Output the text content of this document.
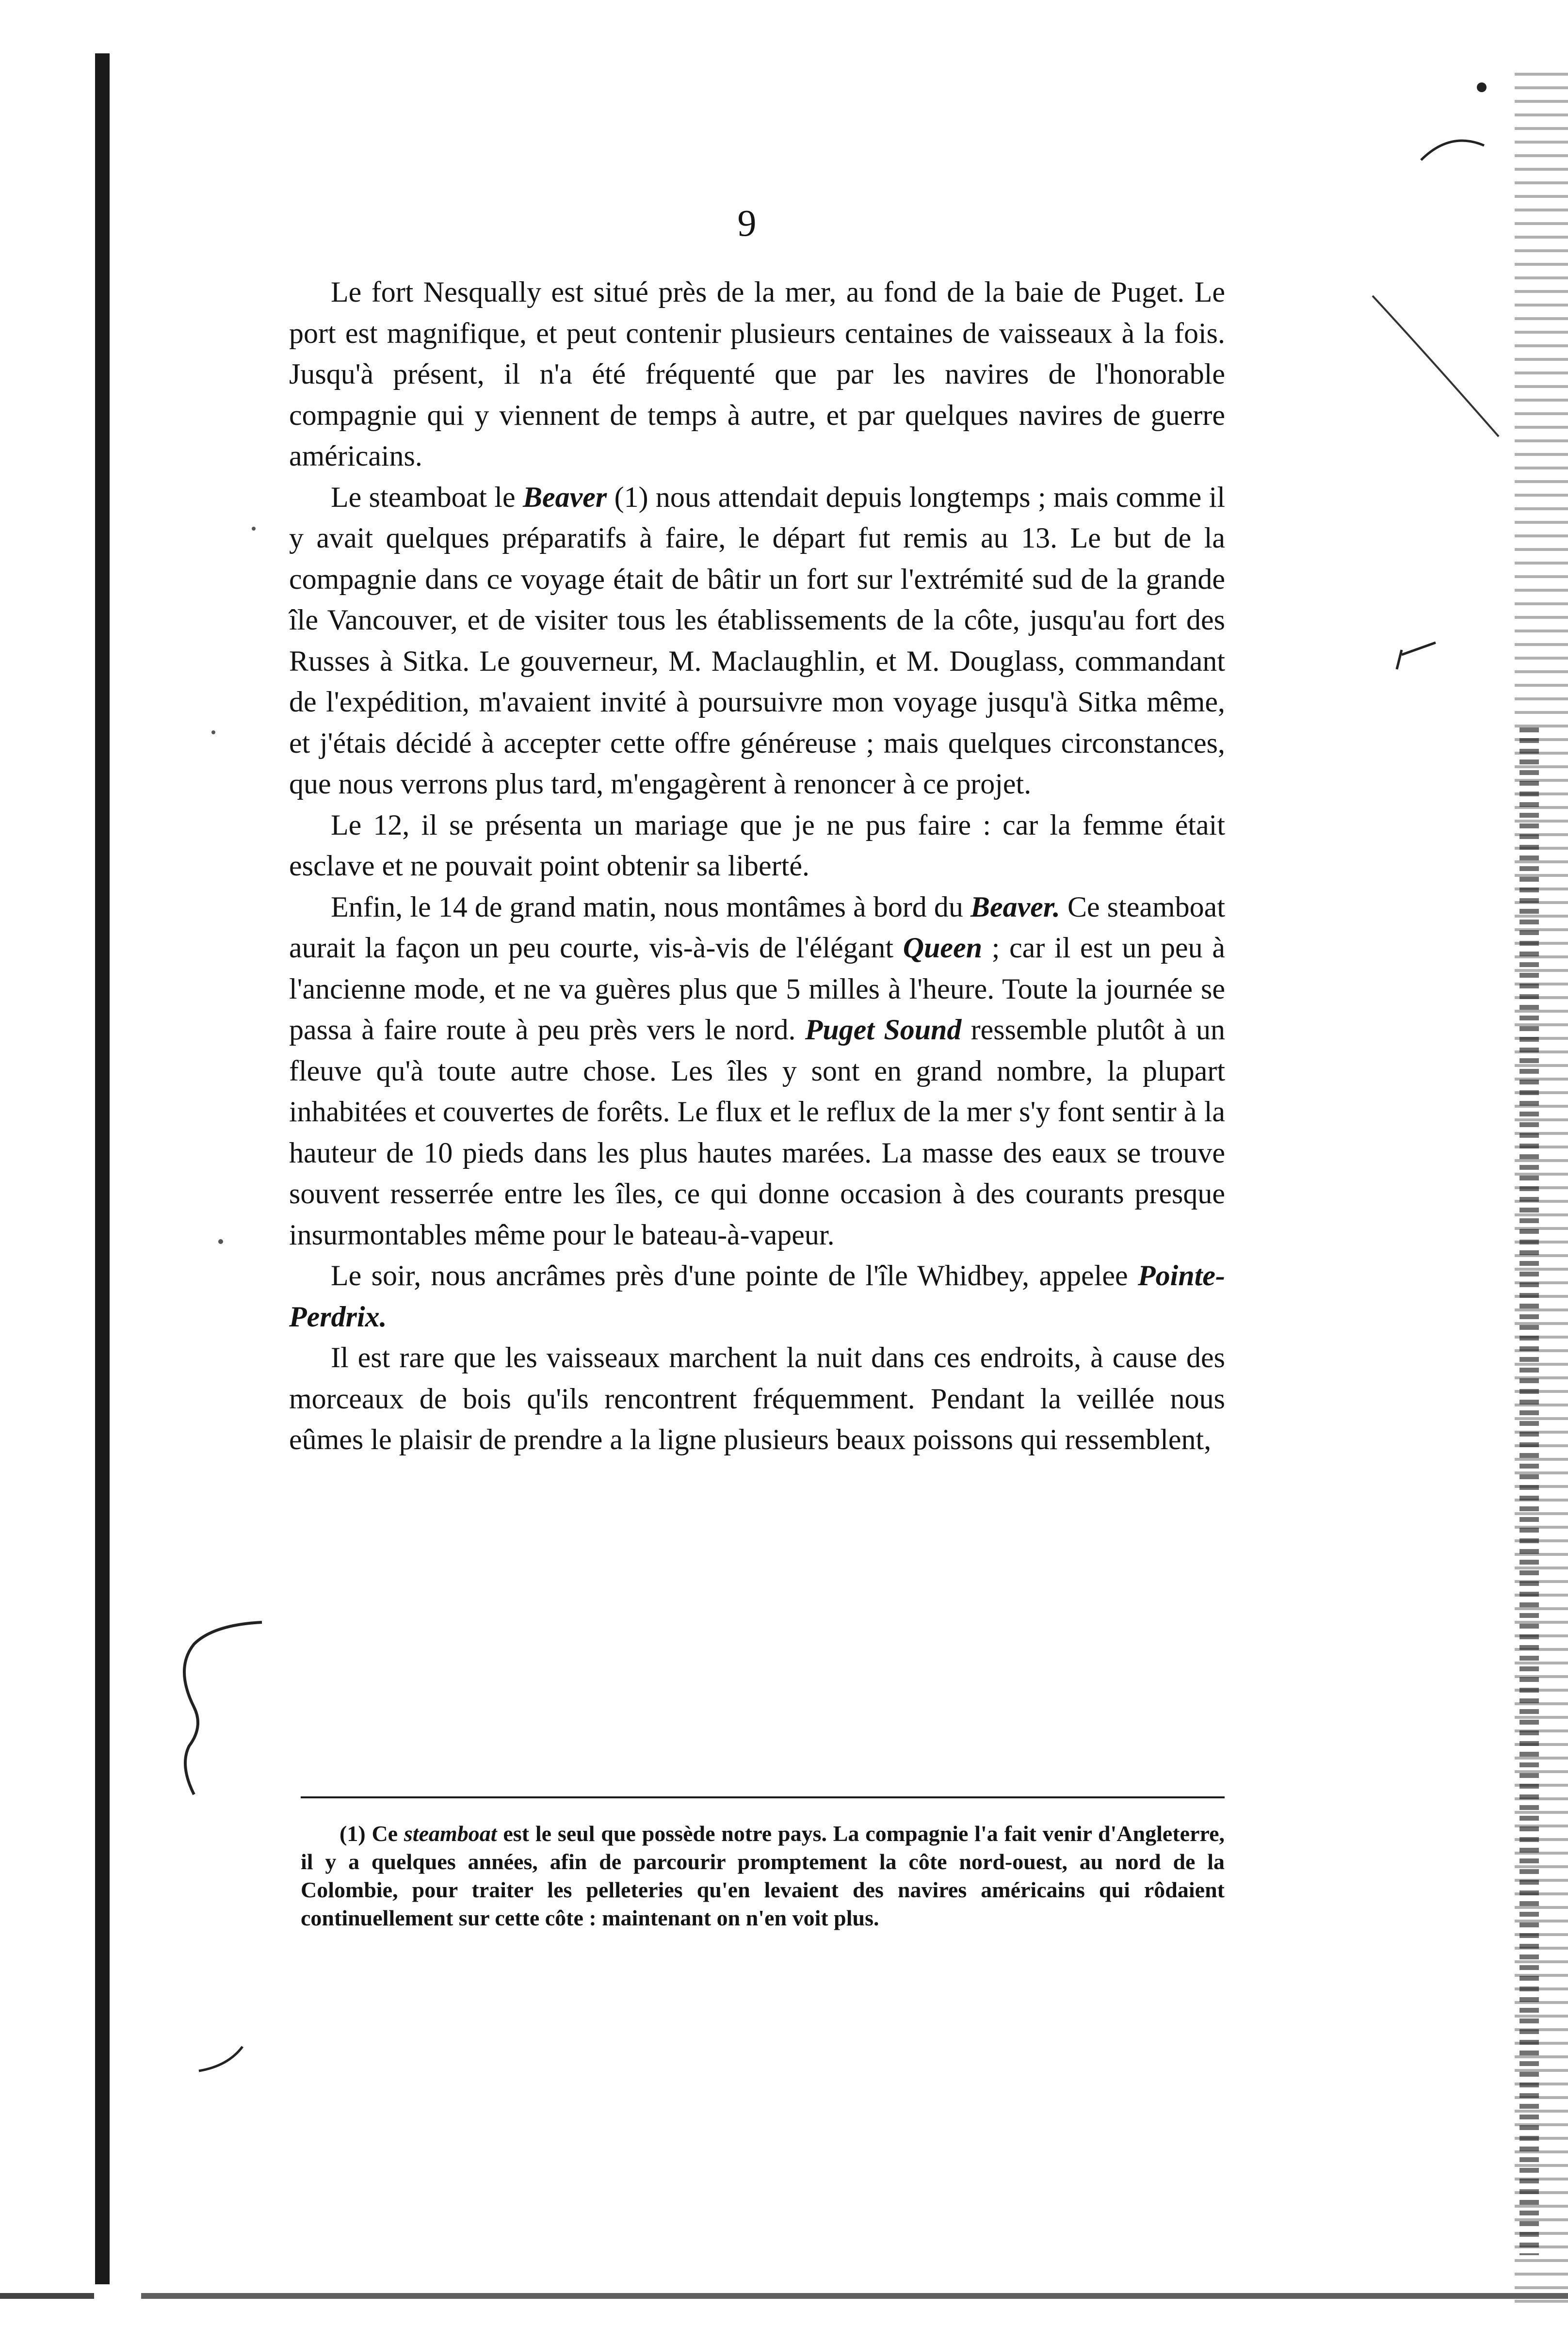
9

Le fort Nesqually est situé près de la mer, au fond de la baie de Puget. Le port est magnifique, et peut contenir plusieurs centaines de vaisseaux à la fois. Jusqu'à présent, il n'a été fréquenté que par les navires de l'honorable compagnie qui y viennent de temps à autre, et par quelques navires de guerre américains.

Le steamboat le Beaver (1) nous attendait depuis longtemps ; mais comme il y avait quelques préparatifs à faire, le départ fut remis au 13. Le but de la compagnie dans ce voyage était de bâtir un fort sur l'extrémité sud de la grande île Vancouver, et de visiter tous les établissements de la côte, jusqu'au fort des Russes à Sitka. Le gouverneur, M. Maclaughlin, et M. Douglass, commandant de l'expédition, m'avaient invité à poursuivre mon voyage jusqu'à Sitka même, et j'étais décidé à accepter cette offre généreuse ; mais quelques circonstances, que nous verrons plus tard, m'engagèrent à renoncer à ce projet.

Le 12, il se présenta un mariage que je ne pus faire : car la femme était esclave et ne pouvait point obtenir sa liberté.

Enfin, le 14 de grand matin, nous montâmes à bord du Beaver. Ce steamboat aurait la façon un peu courte, vis-à-vis de l'élégant Queen ; car il est un peu à l'ancienne mode, et ne va guères plus que 5 milles à l'heure. Toute la journée se passa à faire route à peu près vers le nord. Puget Sound ressemble plutôt à un fleuve qu'à toute autre chose. Les îles y sont en grand nombre, la plupart inhabitées et couvertes de forêts. Le flux et le reflux de la mer s'y font sentir à la hauteur de 10 pieds dans les plus hautes marées. La masse des eaux se trouve souvent resserrée entre les îles, ce qui donne occasion à des courants presque insurmontables même pour le bateau-à-vapeur.

Le soir, nous ancrâmes près d'une pointe de l'île Whidbey, appelee Pointe-Perdrix.

Il est rare que les vaisseaux marchent la nuit dans ces endroits, à cause des morceaux de bois qu'ils rencontrent fréquemment. Pendant la veillée nous eûmes le plaisir de prendre a la ligne plusieurs beaux poissons qui ressemblent,

(1) Ce steamboat est le seul que possède notre pays. La compagnie l'a fait venir d'Angleterre, il y a quelques années, afin de parcourir promptement la côte nord-ouest, au nord de la Colombie, pour traiter les pelleteries qu'en levaient des navires américains qui rôdaient continuellement sur cette côte : maintenant on n'en voit plus.
